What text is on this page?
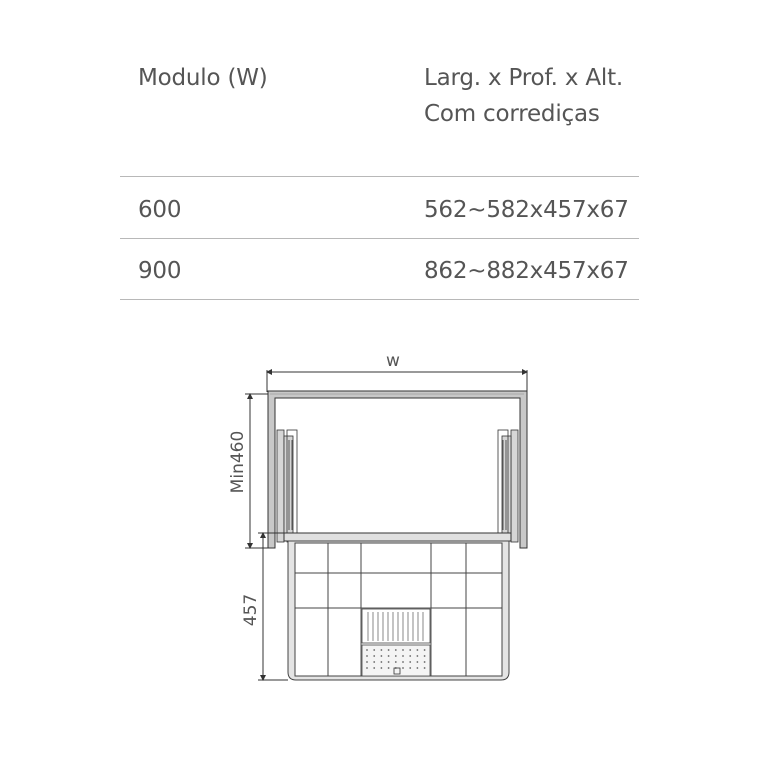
Modulo (W)	Larg. x Prof. x Alt.
Com corrediças
600	562~582x457x67
900	862~882x457x67
w
Min460
457
